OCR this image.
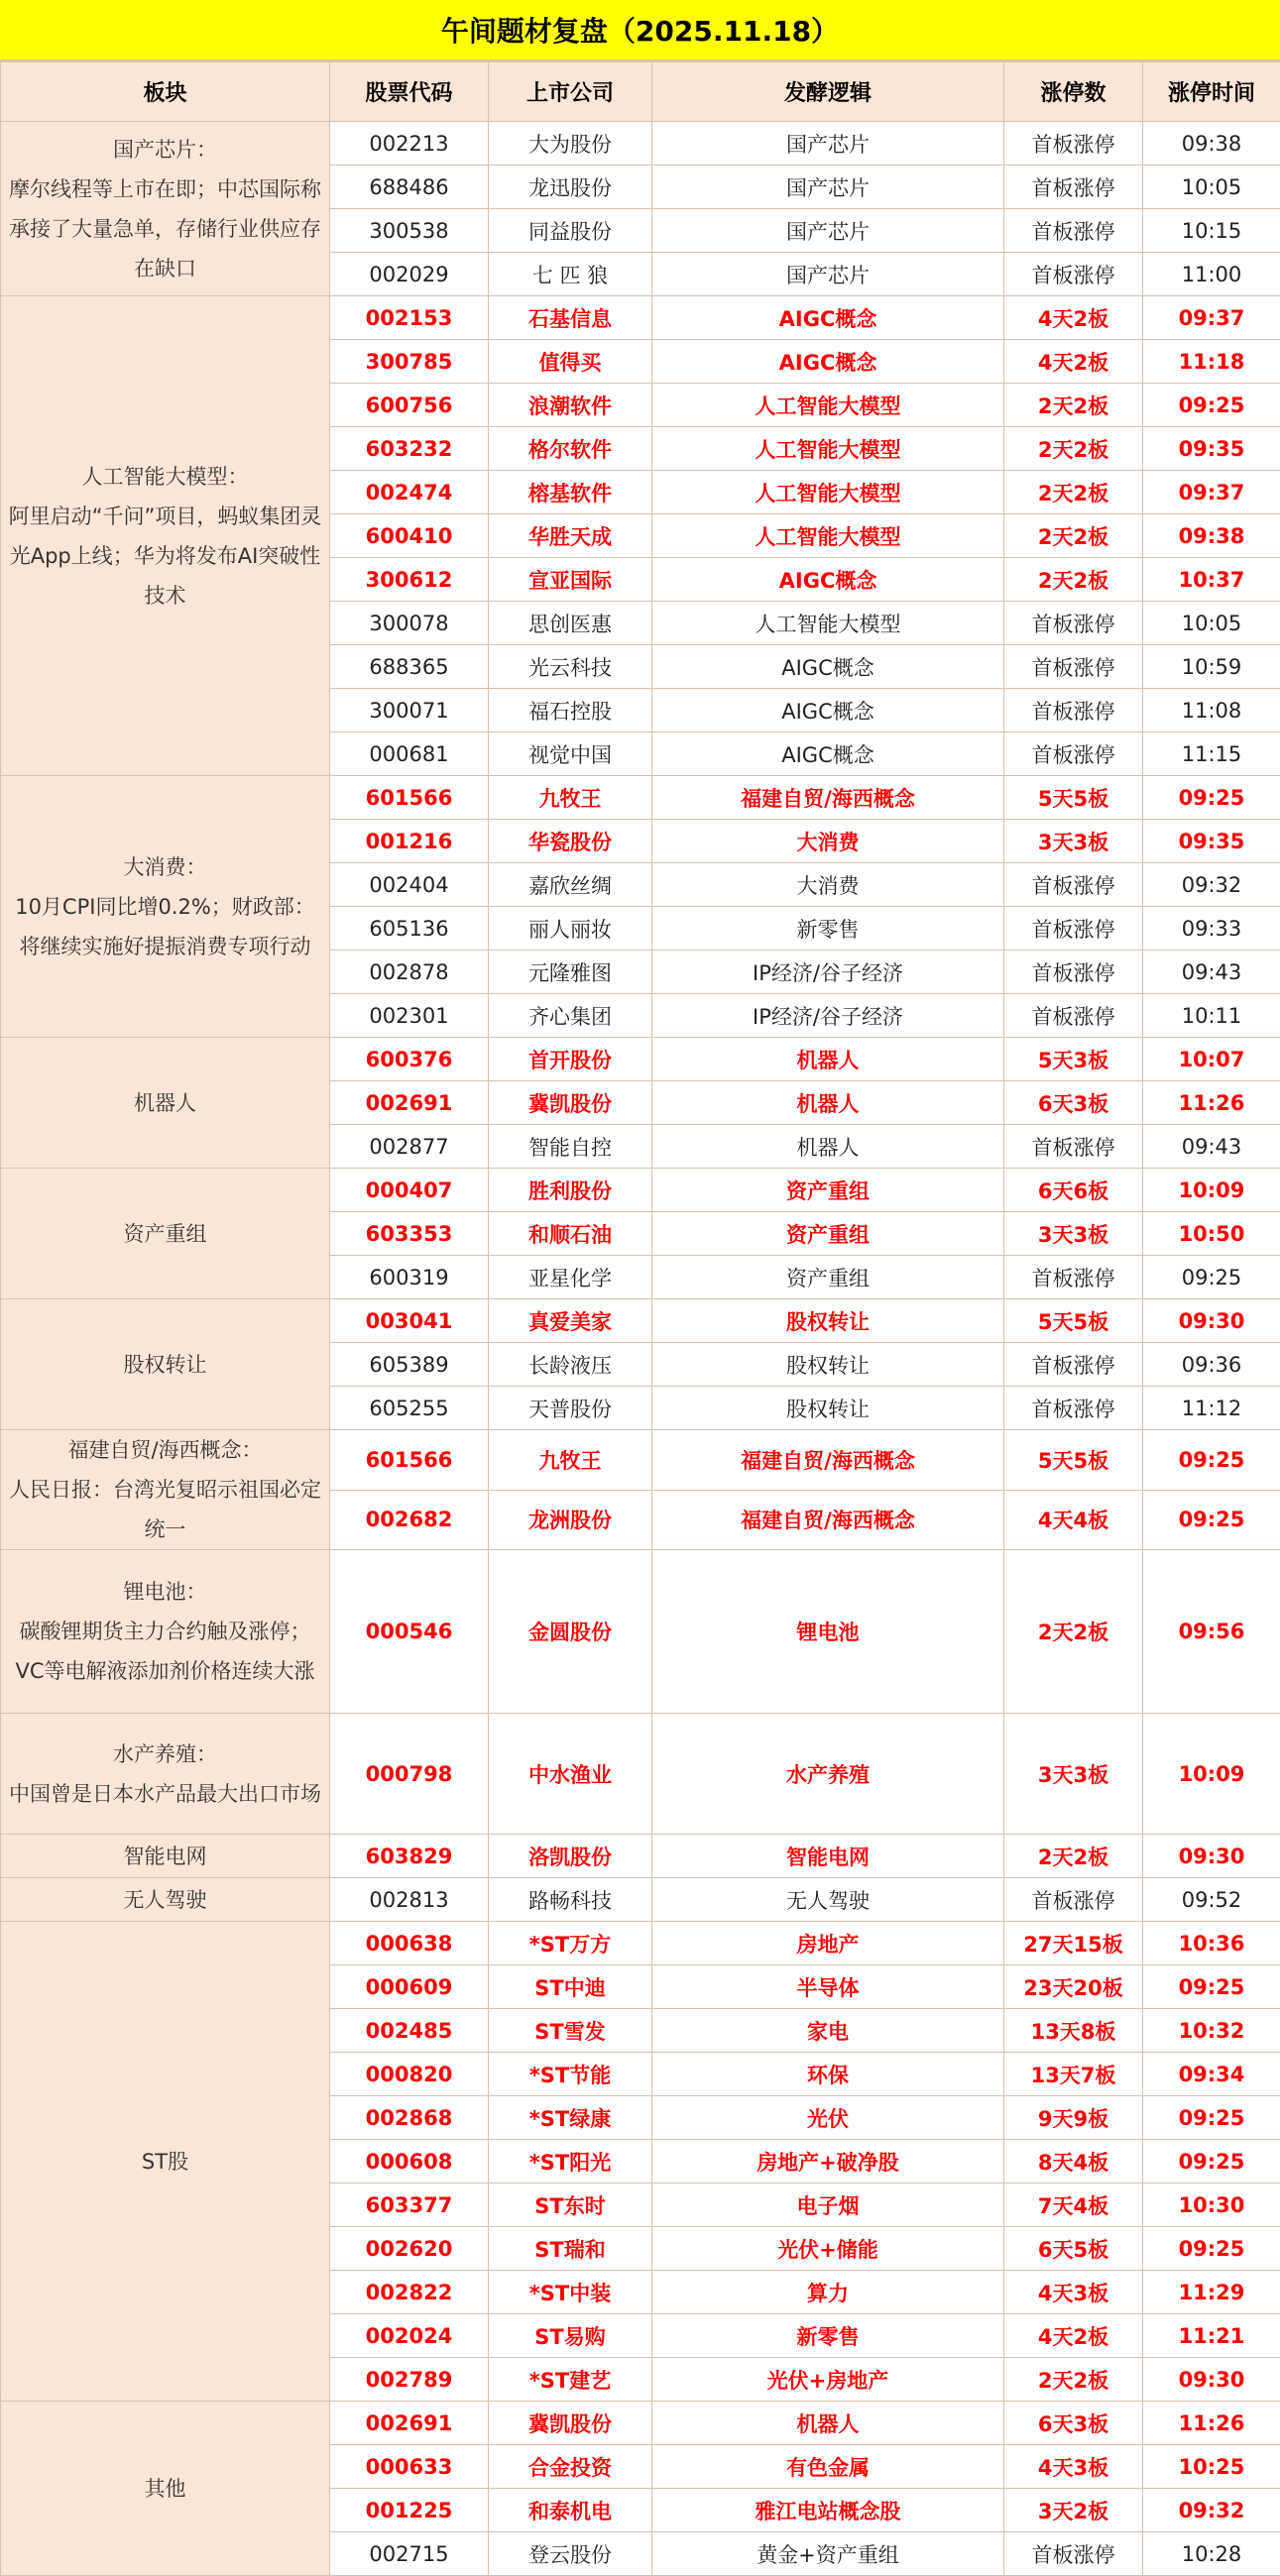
午间题材复盘（2025.11.18）
板块	股票代码	上市公司	发酵逻辑	涨停数	涨停时间
国产芯片：
摩尔线程等上市在即；中芯国际称承接了大量急单，存储行业供应存在缺口	002213	大为股份	国产芯片	首板涨停	09:38
	688486	龙迅股份	国产芯片	首板涨停	10:05
	300538	同益股份	国产芯片	首板涨停	10:15
	002029	七 匹 狼	国产芯片	首板涨停	11:00
人工智能大模型：
阿里启动“千问”项目，蚂蚁集团灵光App上线；华为将发布AI突破性技术	002153	石基信息	AIGC概念	4天2板	09:37
	300785	值得买	AIGC概念	4天2板	11:18
	600756	浪潮软件	人工智能大模型	2天2板	09:25
	603232	格尔软件	人工智能大模型	2天2板	09:35
	002474	榕基软件	人工智能大模型	2天2板	09:37
	600410	华胜天成	人工智能大模型	2天2板	09:38
	300612	宣亚国际	AIGC概念	2天2板	10:37
	300078	思创医惠	人工智能大模型	首板涨停	10:05
	688365	光云科技	AIGC概念	首板涨停	10:59
	300071	福石控股	AIGC概念	首板涨停	11:08
	000681	视觉中国	AIGC概念	首板涨停	11:15
大消费：
10月CPI同比增0.2%；财政部：将继续实施好提振消费专项行动	601566	九牧王	福建自贸/海西概念	5天5板	09:25
	001216	华瓷股份	大消费	3天3板	09:35
	002404	嘉欣丝绸	大消费	首板涨停	09:32
	605136	丽人丽妆	新零售	首板涨停	09:33
	002878	元隆雅图	IP经济/谷子经济	首板涨停	09:43
	002301	齐心集团	IP经济/谷子经济	首板涨停	10:11
机器人	600376	首开股份	机器人	5天3板	10:07
	002691	冀凯股份	机器人	6天3板	11:26
	002877	智能自控	机器人	首板涨停	09:43
资产重组	000407	胜利股份	资产重组	6天6板	10:09
	603353	和顺石油	资产重组	3天3板	10:50
	600319	亚星化学	资产重组	首板涨停	09:25
股权转让	003041	真爱美家	股权转让	5天5板	09:30
	605389	长龄液压	股权转让	首板涨停	09:36
	605255	天普股份	股权转让	首板涨停	11:12
福建自贸/海西概念：
人民日报：台湾光复昭示祖国必定统一	601566	九牧王	福建自贸/海西概念	5天5板	09:25
	002682	龙洲股份	福建自贸/海西概念	4天4板	09:25
锂电池：
碳酸锂期货主力合约触及涨停；VC等电解液添加剂价格连续大涨	000546	金圆股份	锂电池	2天2板	09:56
水产养殖：
中国曾是日本水产品最大出口市场	000798	中水渔业	水产养殖	3天3板	10:09
智能电网	603829	洛凯股份	智能电网	2天2板	09:30
无人驾驶	002813	路畅科技	无人驾驶	首板涨停	09:52
ST股	000638	*ST万方	房地产	27天15板	10:36
	000609	ST中迪	半导体	23天20板	09:25
	002485	ST雪发	家电	13天8板	10:32
	000820	*ST节能	环保	13天7板	09:34
	002868	*ST绿康	光伏	9天9板	09:25
	000608	*ST阳光	房地产+破净股	8天4板	09:25
	603377	ST东时	电子烟	7天4板	10:30
	002620	ST瑞和	光伏+储能	6天5板	09:25
	002822	*ST中装	算力	4天3板	11:29
	002024	ST易购	新零售	4天2板	11:21
	002789	*ST建艺	光伏+房地产	2天2板	09:30
其他	002691	冀凯股份	机器人	6天3板	11:26
	000633	合金投资	有色金属	4天3板	10:25
	001225	和泰机电	雅江电站概念股	3天2板	09:32
	002715	登云股份	黄金+资产重组	首板涨停	10:28
